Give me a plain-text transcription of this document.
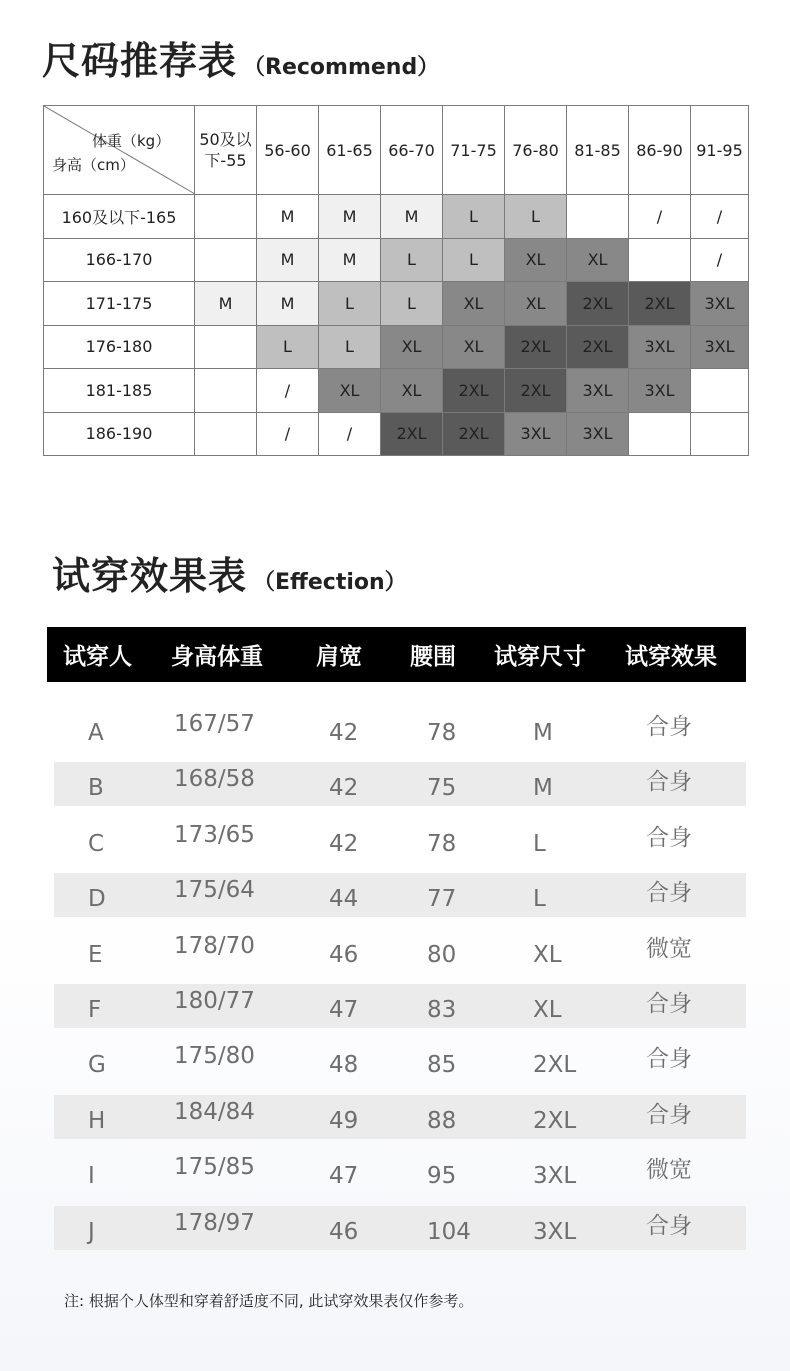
尺码推荐表 （Recommend）
体重（kg）
身高（cm）	50及以下-55	56-60	61-65	66-70	71-75	76-80	81-85	86-90	91-95
160及以下-165		M	M	M	L	L		/	/
166-170		M	M	L	L	XL	XL		/
171-175	M	M	L	L	XL	XL	2XL	2XL	3XL
176-180		L	L	XL	XL	2XL	2XL	3XL	3XL
181-185		/	XL	XL	2XL	2XL	3XL	3XL	
186-190		/	/	2XL	2XL	3XL	3XL		
试穿效果表 （Effection）
试穿人 身高体重 肩宽 腰围 试穿尺寸 试穿效果
A	167/57	42	78	M	合身
B	168/58	42	75	M	合身
C	173/65	42	78	L	合身
D	175/64	44	77	L	合身
E	178/70	46	80	XL	微宽
F	180/77	47	83	XL	合身
G	175/80	48	85	2XL	合身
H	184/84	49	88	2XL	合身
I	175/85	47	95	3XL	微宽
J	178/97	46	104	3XL	合身
注: 根据个人体型和穿着舒适度不同, 此试穿效果表仅作参考。
